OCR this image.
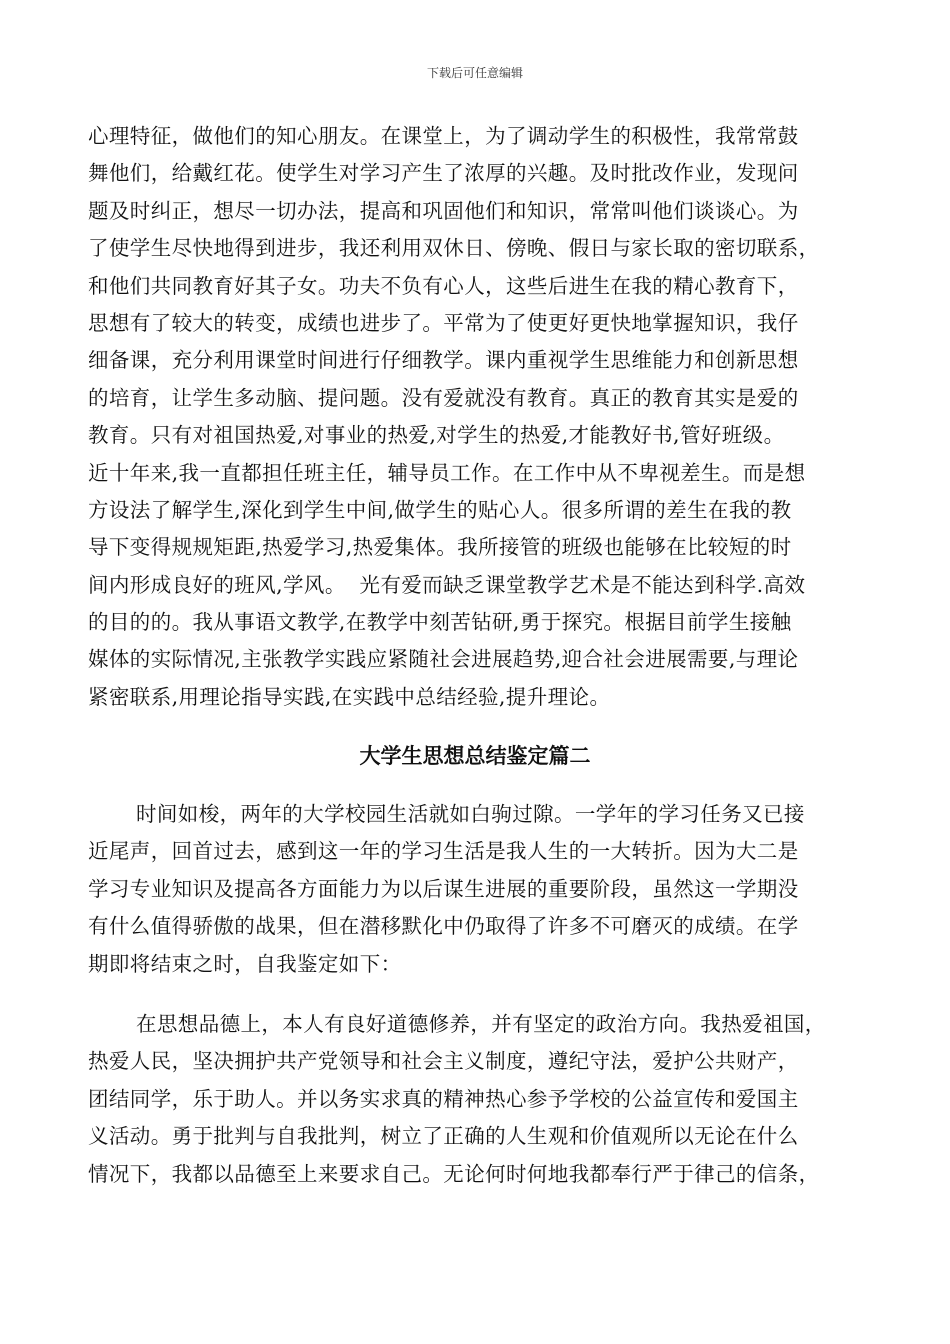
下载后可任意编辑
心理特征，做他们的知心朋友。在课堂上，为了调动学生的积极性，我常常鼓
舞他们，给戴红花。使学生对学习产生了浓厚的兴趣。及时批改作业，发现问
题及时纠正，想尽一切办法，提高和巩固他们和知识，常常叫他们谈谈心。为
了使学生尽快地得到进步，我还利用双休日、傍晚、假日与家长取的密切联系，
和他们共同教育好其子女。功夫不负有心人，这些后进生在我的精心教育下，
思想有了较大的转变，成绩也进步了。平常为了使更好更快地掌握知识，我仔
细备课，充分利用课堂时间进行仔细教学。课内重视学生思维能力和创新思想
的培育，让学生多动脑、提问题。没有爱就没有教育。真正的教育其实是爱的
教育。只有对祖国热爱,对事业的热爱,对学生的热爱,才能教好书,管好班级。
近十年来,我一直都担任班主任，辅导员工作。在工作中从不卑视差生。而是想
方设法了解学生,深化到学生中间,做学生的贴心人。很多所谓的差生在我的教
导下变得规规矩距,热爱学习,热爱集体。我所接管的班级也能够在比较短的时
间内形成良好的班风,学风。  光有爱而缺乏课堂教学艺术是不能达到科学.高效
的目的的。我从事语文教学,在教学中刻苦钻研,勇于探究。根据目前学生接触
媒体的实际情况,主张教学实践应紧随社会进展趋势,迎合社会进展需要,与理论
紧密联系,用理论指导实践,在实践中总结经验,提升理论。
大学生思想总结鉴定篇二
时间如梭，两年的大学校园生活就如白驹过隙。一学年的学习任务又已接
近尾声，回首过去，感到这一年的学习生活是我人生的一大转折。因为大二是
学习专业知识及提高各方面能力为以后谋生进展的重要阶段，虽然这一学期没
有什么值得骄傲的战果，但在潜移默化中仍取得了许多不可磨灭的成绩。在学
期即将结束之时，自我鉴定如下：
在思想品德上，本人有良好道德修养，并有坚定的政治方向。我热爱祖国，
热爱人民，坚决拥护共产党领导和社会主义制度，遵纪守法，爱护公共财产，
团结同学，乐于助人。并以务实求真的精神热心参予学校的公益宣传和爱国主
义活动。勇于批判与自我批判，树立了正确的人生观和价值观所以无论在什么
情况下，我都以品德至上来要求自己。无论何时何地我都奉行严于律己的信条，
